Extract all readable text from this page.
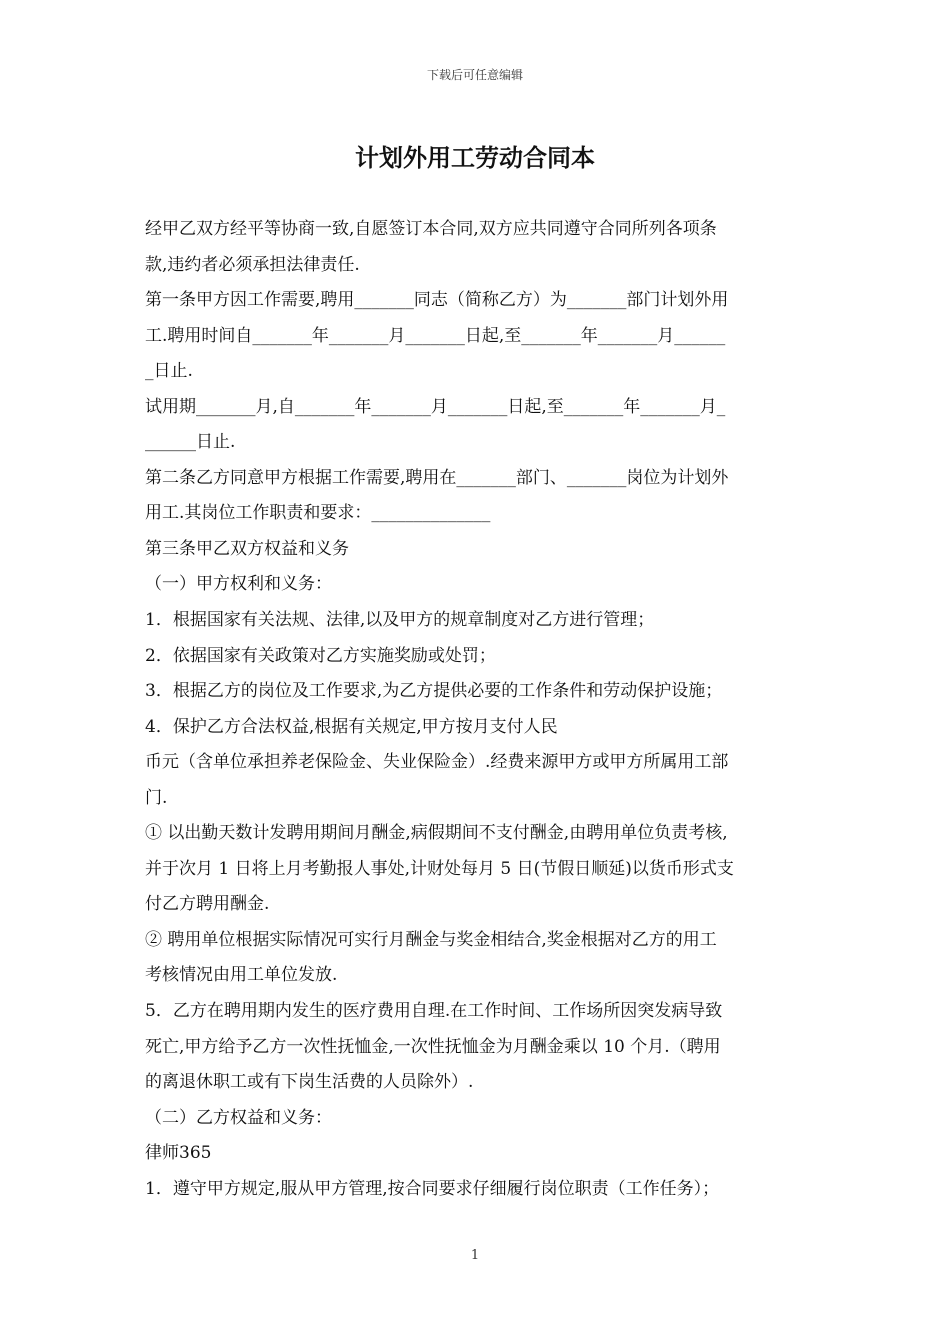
下载后可任意编辑
计划外用工劳动合同本
经甲乙双方经平等协商一致,自愿签订本合同,双方应共同遵守合同所列各项条
款,违约者必须承担法律责任.
第一条甲方因工作需要,聘用_______同志（简称乙方）为_______部门计划外用
工.聘用时间自_______年_______月_______日起,至_______年_______月______
_日止.
试用期_______月,自_______年_______月_______日起,至_______年_______月_
______日止.
第二条乙方同意甲方根据工作需要,聘用在_______部门、_______岗位为计划外
用工.其岗位工作职责和要求：______________
第三条甲乙双方权益和义务
（一）甲方权利和义务：
1．根据国家有关法规、法律,以及甲方的规章制度对乙方进行管理；
2．依据国家有关政策对乙方实施奖励或处罚；
3．根据乙方的岗位及工作要求,为乙方提供必要的工作条件和劳动保护设施；
4．保护乙方合法权益,根据有关规定,甲方按月支付人民
币元（含单位承担养老保险金、失业保险金）.经费来源甲方或甲方所属用工部
门.
① 以出勤天数计发聘用期间月酬金,病假期间不支付酬金,由聘用单位负责考核,
并于次月 1 日将上月考勤报人事处,计财处每月 5 日(节假日顺延)以货币形式支
付乙方聘用酬金.
② 聘用单位根据实际情况可实行月酬金与奖金相结合,奖金根据对乙方的用工
考核情况由用工单位发放.
5．乙方在聘用期内发生的医疗费用自理.在工作时间、工作场所因突发病导致
死亡,甲方给予乙方一次性抚恤金,一次性抚恤金为月酬金乘以 10 个月.（聘用
的离退休职工或有下岗生活费的人员除外）.
（二）乙方权益和义务：
律师365
1．遵守甲方规定,服从甲方管理,按合同要求仔细履行岗位职责（工作任务）；
1
